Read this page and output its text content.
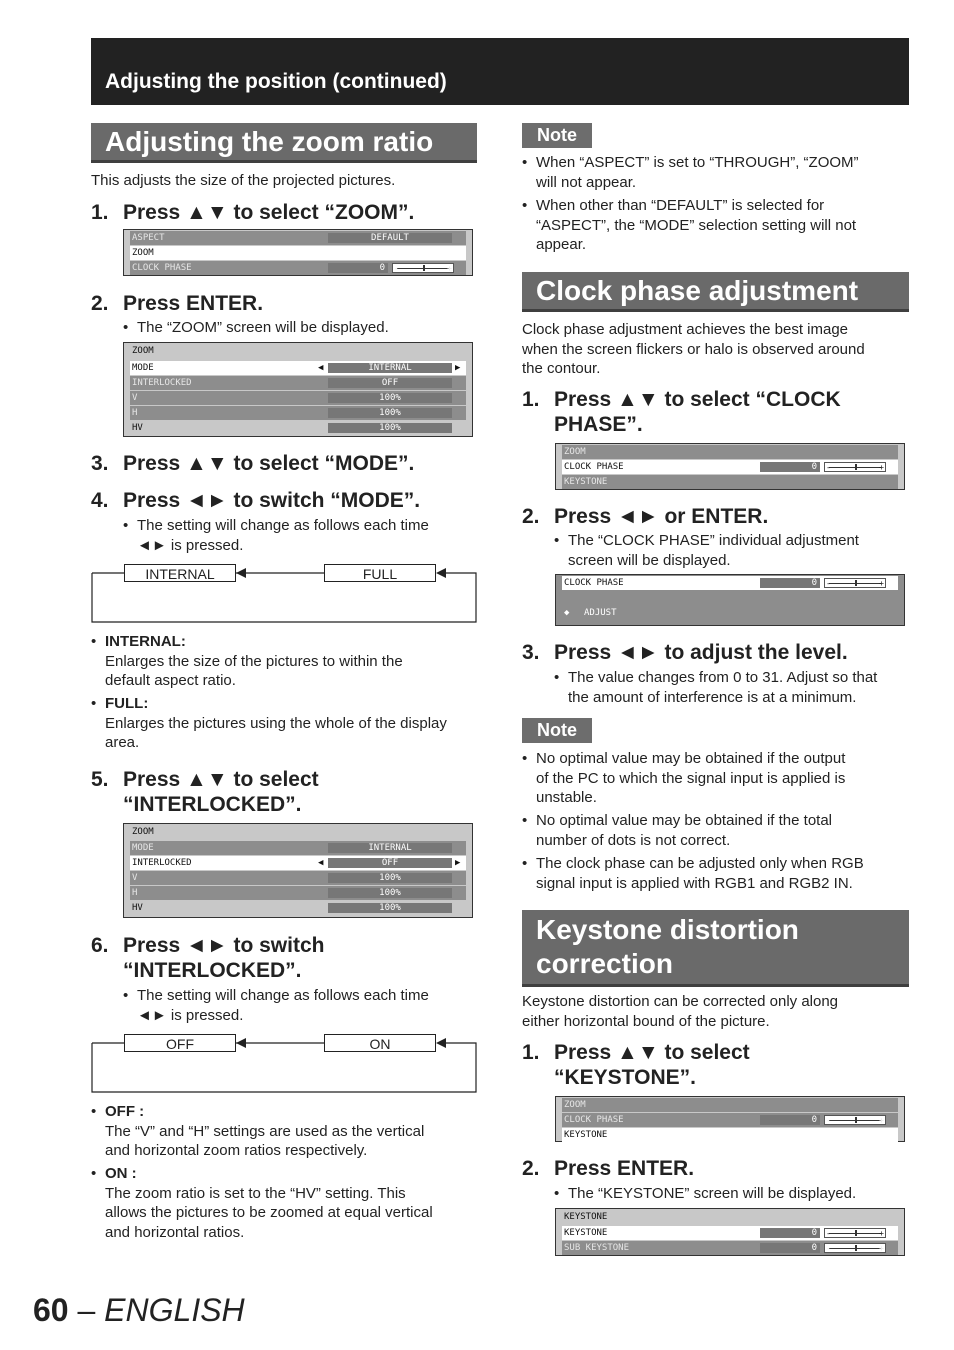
Adjusting the position (continued)
Adjusting the zoom ratio
This adjusts the size of the projected pictures.
1. Press ▲▼ to select “ZOOM”.
ASPECT	DEFAULT
ZOOM
CLOCK PHASE	0	-	+
2. Press ENTER.
• The “ZOOM” screen will be displayed.
ZOOM
MODE	◀	INTERNAL	▶
INTERLOCKED	OFF
V	100%
H	100%
HV	100%
3. Press ▲▼ to select “MODE”.
4. Press ◄► to switch “MODE”.
• The setting will change as follows each time
◄► is pressed.
INTERNAL	FULL
• INTERNAL:
Enlarges the size of the pictures to within the
default aspect ratio.
• FULL:
Enlarges the pictures using the whole of the display
area.
5. Press ▲▼ to select
“INTERLOCKED”.
ZOOM
MODE	INTERNAL
INTERLOCKED	◀	OFF	▶
V	100%
H	100%
HV	100%
6. Press ◄► to switch
“INTERLOCKED”.
• The setting will change as follows each time
◄► is pressed.
OFF	ON
• OFF :
The “V” and “H” settings are used as the vertical
and horizontal zoom ratios respectively.
• ON :
The zoom ratio is set to the “HV” setting. This
allows the pictures to be zoomed at equal vertical
and horizontal ratios.
Note
• When “ASPECT” is set to “THROUGH”, “ZOOM”
will not appear.
• When other than “DEFAULT” is selected for
“ASPECT”, the “MODE” selection setting will not
appear.
Clock phase adjustment
Clock phase adjustment achieves the best image
when the screen flickers or halo is observed around
the contour.
1. Press ▲▼ to select “CLOCK
PHASE”.
ZOOM
CLOCK PHASE	0	-	+
KEYSTONE
2. Press ◄► or ENTER.
• The “CLOCK PHASE” individual adjustment
screen will be displayed.
CLOCK PHASE	0	-	+
◆ ADJUST
3. Press ◄► to adjust the level.
• The value changes from 0 to 31. Adjust so that
the amount of interference is at a minimum.
Note
• No optimal value may be obtained if the output
of the PC to which the signal input is applied is
unstable.
• No optimal value may be obtained if the total
number of dots is not correct.
• The clock phase can be adjusted only when RGB
signal input is applied with RGB1 and RGB2 IN.
Keystone distortion
correction
Keystone distortion can be corrected only along
either horizontal bound of the picture.
1. Press ▲▼ to select
“KEYSTONE”.
ZOOM
CLOCK PHASE	0	-	+
KEYSTONE
2. Press ENTER.
• The “KEYSTONE” screen will be displayed.
KEYSTONE
KEYSTONE	0	-	+
SUB KEYSTONE	0	-	+
60 – ENGLISH
